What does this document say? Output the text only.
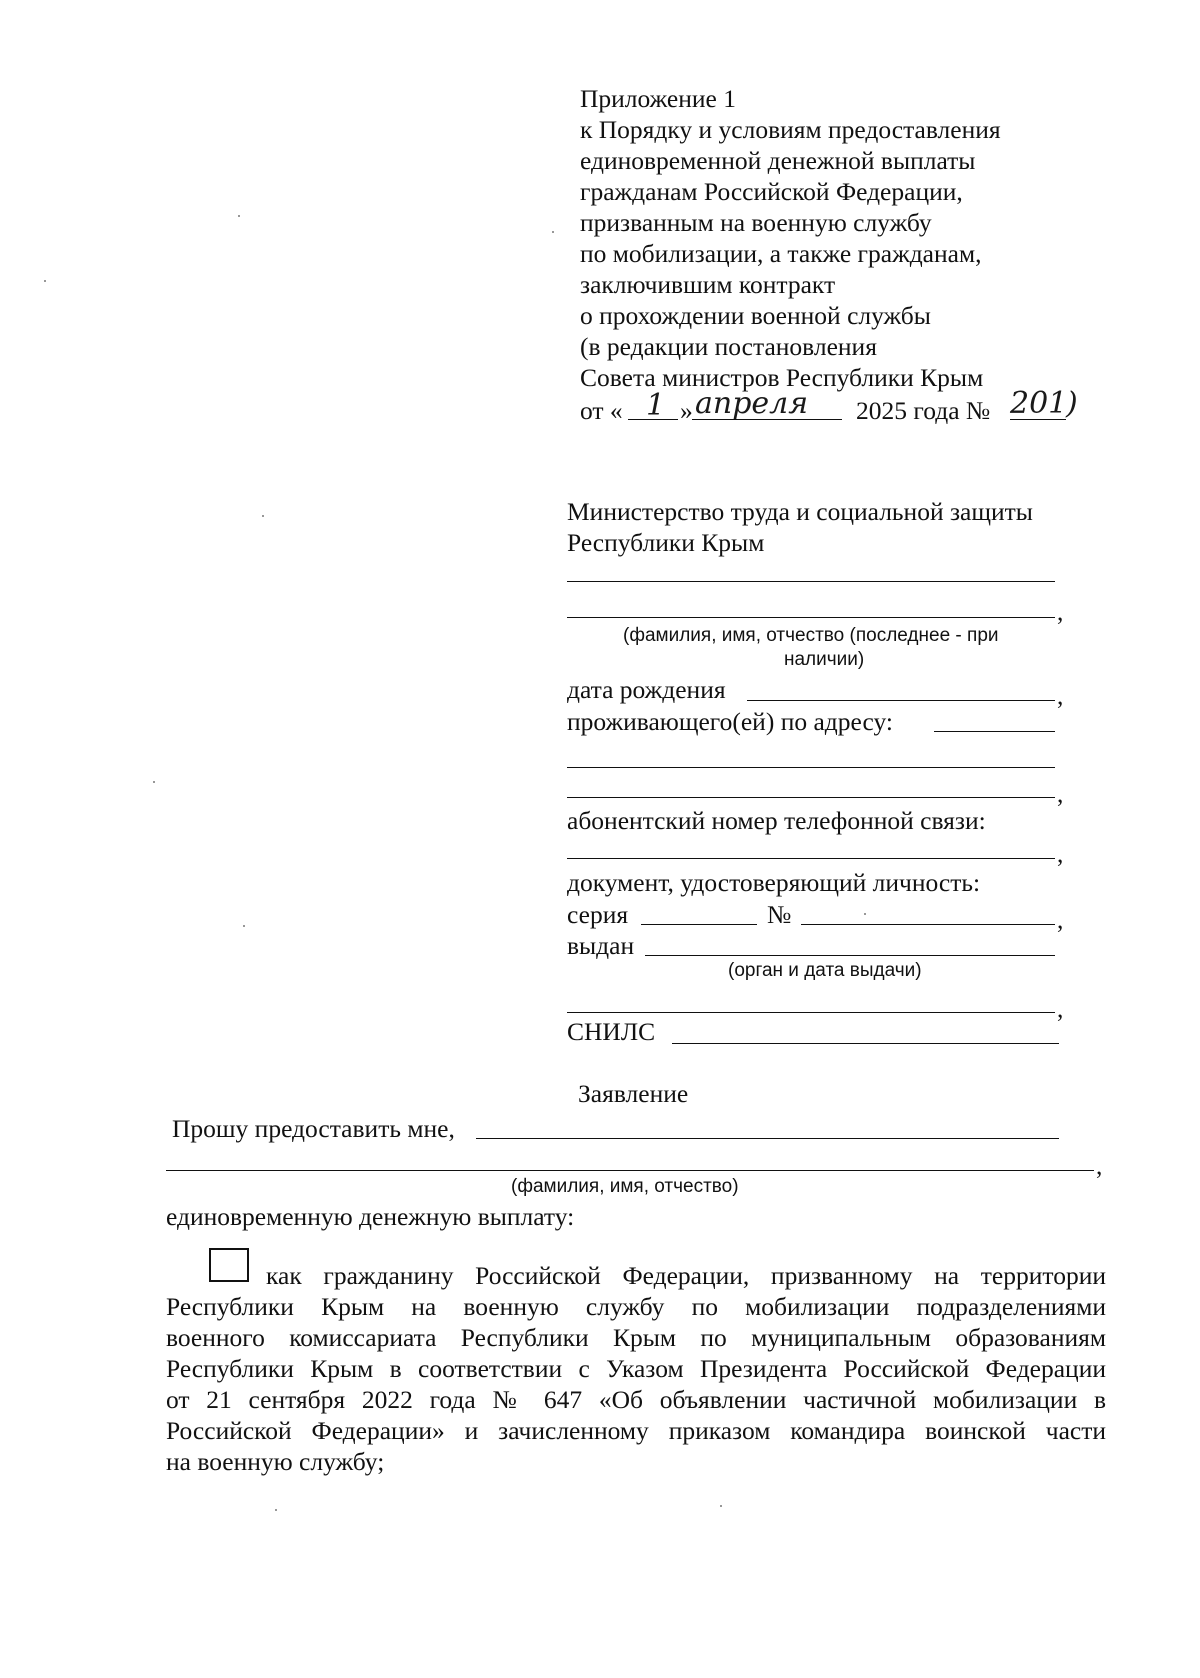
Приложение 1
к Порядку и условиям предоставления
единовременной денежной выплаты
гражданам Российской Федерации,
призванным на военную службу
по мобилизации, а также гражданам,
заключившим контракт
о прохождении военной службы
(в редакции постановления
Совета министров Республики Крым
от « 1 » апреля 2025 года № 201
)
Министерство труда и социальной защиты
Республики Крым
,
(фамилия, имя, отчество (последнее - при
наличии)
дата рождения	,
проживающего(ей) по адресу:
,
абонентский номер телефонной связи:
,
документ, удостоверяющий личность:
серия	№	,
выдан
(орган и дата выдачи)
,
СНИЛС
Заявление
Прошу предоставить мне,
,
(фамилия, имя, отчество)
единовременную денежную выплату:
как гражданину Российской Федерации, призванному на территории
Республики Крым на военную службу по мобилизации подразделениями
военного комиссариата Республики Крым по муниципальным образованиям
Республики Крым в соответствии с Указом Президента Российской Федерации
от 21 сентября 2022 года № 647 «Об объявлении частичной мобилизации в
Российской Федерации» и зачисленному приказом командира воинской части
на военную службу;
